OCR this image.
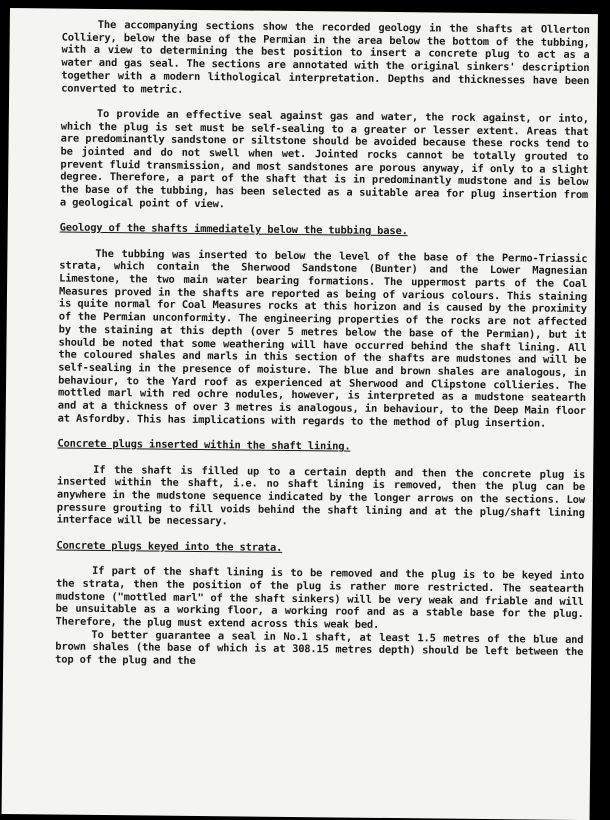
The accompanying sections show the recorded geology in the shafts at Ollerton Colliery, below the base of the Permian in the area below the bottom of the tubbing, with a view to determining the best position to insert a concrete plug to act as a water and gas seal. The sections are annotated with the original sinkers' description together with a modern lithological interpretation. Depths and thicknesses have been converted to metric.

To provide an effective seal against gas and water, the rock against, or into, which the plug is set must be self-sealing to a greater or lesser extent. Areas that are predominantly sandstone or siltstone should be avoided because these rocks tend to be jointed and do not swell when wet. Jointed rocks cannot be totally grouted to prevent fluid transmission, and most sandstones are porous anyway, if only to a slight degree. Therefore, a part of the shaft that is in predominantly mudstone and is below the base of the tubbing, has been selected as a suitable area for plug insertion from a geological point of view.

Geology of the shafts immediately below the tubbing base.

The tubbing was inserted to below the level of the base of the Permo-Triassic strata, which contain the Sherwood Sandstone (Bunter) and the Lower Magnesian Limestone, the two main water bearing formations. The uppermost parts of the Coal Measures proved in the shafts are reported as being of various colours. This staining is quite normal for Coal Measures rocks at this horizon and is caused by the proximity of the Permian unconformity. The engineering properties of the rocks are not affected by the staining at this depth (over 5 metres below the base of the Permian), but it should be noted that some weathering will have occurred behind the shaft lining. All the coloured shales and marls in this section of the shafts are mudstones and will be self-sealing in the presence of moisture. The blue and brown shales are analogous, in behaviour, to the Yard roof as experienced at Sherwood and Clipstone collieries. The mottled marl with red ochre nodules, however, is interpreted as a mudstone seatearth and at a thickness of over 3 metres is analogous, in behaviour, to the Deep Main floor at Asfordby. This has implications with regards to the method of plug insertion.

Concrete plugs inserted within the shaft lining.

If the shaft is filled up to a certain depth and then the concrete plug is inserted within the shaft, i.e. no shaft lining is removed, then the plug can be anywhere in the mudstone sequence indicated by the longer arrows on the sections. Low pressure grouting to fill voids behind the shaft lining and at the plug/shaft lining interface will be necessary.

Concrete plugs keyed into the strata.

If part of the shaft lining is to be removed and the plug is to be keyed into the strata, then the position of the plug is rather more restricted. The seatearth mudstone ("mottled marl" of the shaft sinkers) will be very weak and friable and will be unsuitable as a working floor, a working roof and as a stable base for the plug. Therefore, the plug must extend across this weak bed.

To better guarantee a seal in No.1 shaft, at least 1.5 metres of the blue and brown shales (the base of which is at 308.15 metres depth) should be left between the top of the plug and the
